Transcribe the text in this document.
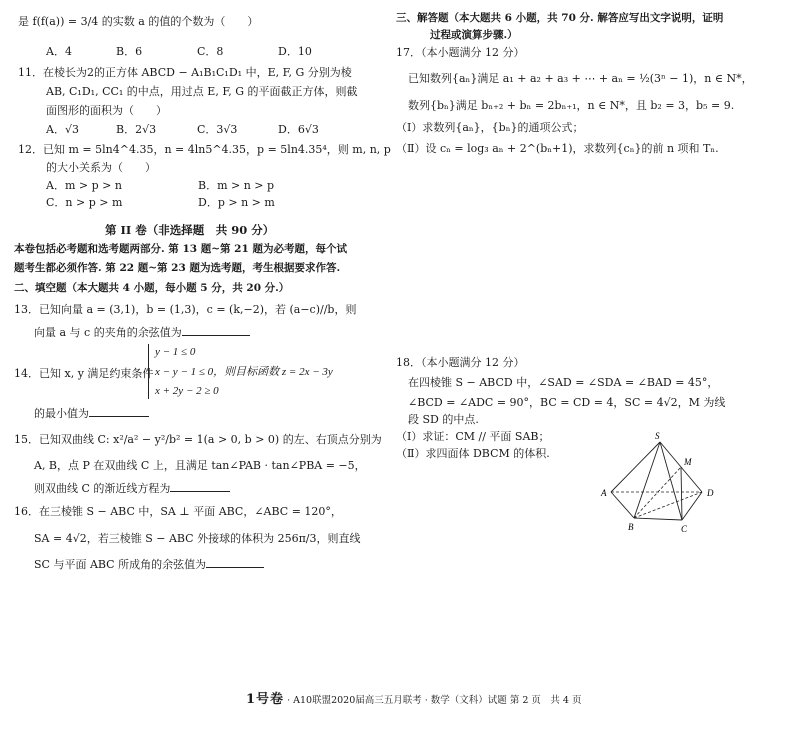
是 f(f(a)) = 3/4 的实数 a 的值的个数为（　　）
A．4	B．6	C．8	D．10
11．在棱长为2的正方体 ABCD − A₁B₁C₁D₁ 中，E, F, G 分别为棱
AB, C₁D₁, CC₁ 的中点，用过点 E, F, G 的平面截正方体，则截
面图形的面积为（　　）
A．√3	B．2√3	C．3√3	D．6√3
12．已知 m = 5ln4^4.35，n = 4ln5^4.35，p = 5ln4.35⁴，则 m, n, p
的大小关系为（　　）
A．m > p > n	B．m > n > p
C．n > p > m	D．p > n > m
第 II 卷（非选择题　共 90 分）
本卷包括必考题和选考题两部分. 第 13 题~第 21 题为必考题，每个试
题考生都必须作答. 第 22 题~第 23 题为选考题，考生根据要求作答.
二、填空题（本大题共 4 小题，每小题 5 分，共 20 分.）
13．已知向量 a = (3,1)，b = (1,3)，c = (k,−2)，若 (a−c)//b，则
向量 a 与 c 的夹角的余弦值为
14．已知 x, y 满足约束条件
y − 1 ≤ 0
x − y − 1 ≤ 0，则目标函数 z = 2x − 3y
x + 2y − 2 ≥ 0
的最小值为
15．已知双曲线 C: x²/a² − y²/b² = 1(a > 0, b > 0) 的左、右顶点分别为
A, B，点 P 在双曲线 C 上，且满足 tan∠PAB · tan∠PBA = −5，
则双曲线 C 的渐近线方程为
16．在三棱锥 S − ABC 中，SA ⊥ 平面 ABC，∠ABC = 120°，
SA = 4√2，若三棱锥 S − ABC 外接球的体积为 256π/3，则直线
SC 与平面 ABC 所成角的余弦值为
三、解答题（本大题共 6 小题，共 70 分. 解答应写出文字说明，证明
过程或演算步骤.）
17．（本小题满分 12 分）
已知数列{aₙ}满足 a₁ + a₂ + a₃ + ⋯ + aₙ = ½(3ⁿ − 1)，n ∈ N*，
数列{bₙ}满足 bₙ₊₂ + bₙ = 2bₙ₊₁，n ∈ N*，且 b₂ = 3，b₅ = 9.
（Ⅰ）求数列{aₙ}，{bₙ}的通项公式；
（Ⅱ）设 cₙ = log₃ aₙ + 2^(bₙ+1)，求数列{cₙ}的前 n 项和 Tₙ.
18．（本小题满分 12 分）
在四棱锥 S − ABCD 中，∠SAD = ∠SDA = ∠BAD = 45°，
∠BCD = ∠ADC = 90°，BC = CD = 4，SC = 4√2，M 为线
段 SD 的中点.
（Ⅰ）求证：CM // 平面 SAB；
（Ⅱ）求四面体 DBCM 的体积.
S
M
A	D
B	C
1号卷 · A10联盟2020届高三五月联考 · 数学（文科）试题 第 2 页　共 4 页
